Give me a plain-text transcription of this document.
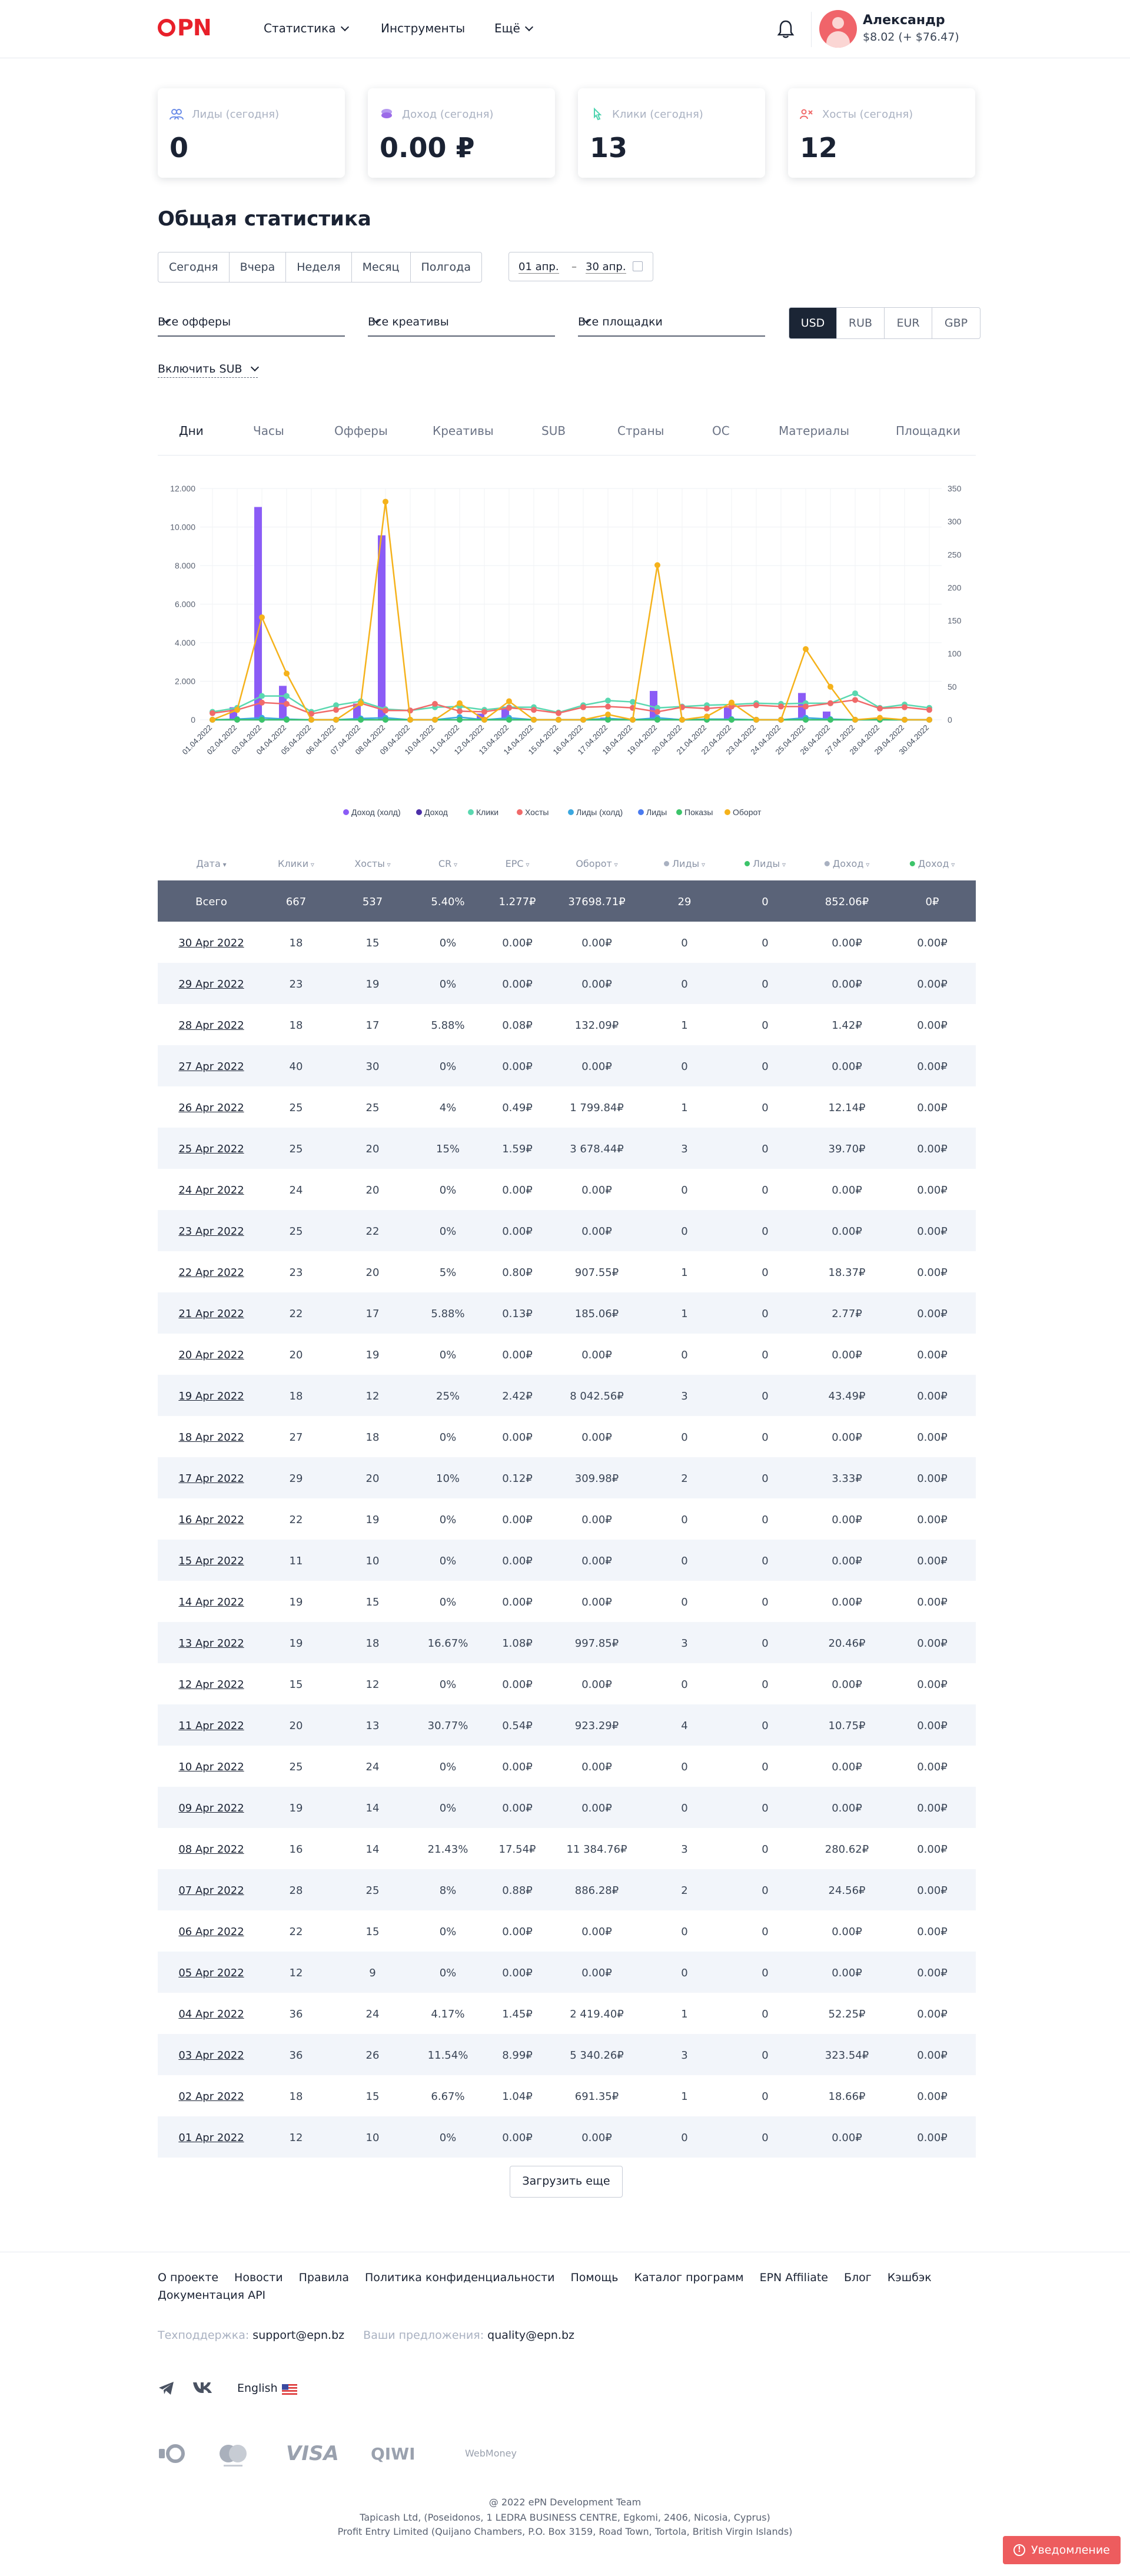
PN	Статистика	Инструменты Ещё
Александр
$8.02 (+ $76.47)
Лиды (сегодня)
0
Доход (сегодня)
0.00 ₽
Клики (сегодня)
13
Хосты (сегодня)
12
Общая статистика
Сегодня	Вчера	Неделя	Месяц	Полгода	01 апр. – 30 апр.
Все офферы	Все креативы	Все площадки	USD	RUB	EUR	GBP
Включить SUB
Дни	Часы	Офферы	Креативы	SUB	Страны	ОС	Материалы	Площадки
0
2.000
4.000
6.000
8.000
10.000
12.000
0
50
100
150
200
250
300
350
01.04.2022
02.04.2022
03.04.2022
04.04.2022
05.04.2022
06.04.2022
07.04.2022
08.04.2022
09.04.2022
10.04.2022
11.04.2022
12.04.2022
13.04.2022
14.04.2022
15.04.2022
16.04.2022
17.04.2022
18.04.2022
19.04.2022
20.04.2022
21.04.2022
22.04.2022
23.04.2022
24.04.2022
25.04.2022
26.04.2022
27.04.2022
28.04.2022
29.04.2022
30.04.2022
Доход (холд)	Доход	Клики	Хосты	Лиды (холд)	Лиды Показы Оборот
Дата ▾	Клики ▿	Хосты ▿	CR ▿	EPC ▿	Оборот ▿	Лиды ▿	Лиды ▿	Доход ▿	Доход ▿
Всего	667	537	5.40%	1.277₽	37698.71₽	29	0	852.06₽	0₽
30 Apr 2022	18	15	0%	0.00₽	0.00₽	0	0	0.00₽	0.00₽
29 Apr 2022	23	19	0%	0.00₽	0.00₽	0	0	0.00₽	0.00₽
28 Apr 2022	18	17	5.88%	0.08₽	132.09₽	1	0	1.42₽	0.00₽
27 Apr 2022	40	30	0%	0.00₽	0.00₽	0	0	0.00₽	0.00₽
26 Apr 2022	25	25	4%	0.49₽	1 799.84₽	1	0	12.14₽	0.00₽
25 Apr 2022	25	20	15%	1.59₽	3 678.44₽	3	0	39.70₽	0.00₽
24 Apr 2022	24	20	0%	0.00₽	0.00₽	0	0	0.00₽	0.00₽
23 Apr 2022	25	22	0%	0.00₽	0.00₽	0	0	0.00₽	0.00₽
22 Apr 2022	23	20	5%	0.80₽	907.55₽	1	0	18.37₽	0.00₽
21 Apr 2022	22	17	5.88%	0.13₽	185.06₽	1	0	2.77₽	0.00₽
20 Apr 2022	20	19	0%	0.00₽	0.00₽	0	0	0.00₽	0.00₽
19 Apr 2022	18	12	25%	2.42₽	8 042.56₽	3	0	43.49₽	0.00₽
18 Apr 2022	27	18	0%	0.00₽	0.00₽	0	0	0.00₽	0.00₽
17 Apr 2022	29	20	10%	0.12₽	309.98₽	2	0	3.33₽	0.00₽
16 Apr 2022	22	19	0%	0.00₽	0.00₽	0	0	0.00₽	0.00₽
15 Apr 2022	11	10	0%	0.00₽	0.00₽	0	0	0.00₽	0.00₽
14 Apr 2022	19	15	0%	0.00₽	0.00₽	0	0	0.00₽	0.00₽
13 Apr 2022	19	18	16.67%	1.08₽	997.85₽	3	0	20.46₽	0.00₽
12 Apr 2022	15	12	0%	0.00₽	0.00₽	0	0	0.00₽	0.00₽
11 Apr 2022	20	13	30.77%	0.54₽	923.29₽	4	0	10.75₽	0.00₽
10 Apr 2022	25	24	0%	0.00₽	0.00₽	0	0	0.00₽	0.00₽
09 Apr 2022	19	14	0%	0.00₽	0.00₽	0	0	0.00₽	0.00₽
08 Apr 2022	16	14	21.43%	17.54₽	11 384.76₽	3	0	280.62₽	0.00₽
07 Apr 2022	28	25	8%	0.88₽	886.28₽	2	0	24.56₽	0.00₽
06 Apr 2022	22	15	0%	0.00₽	0.00₽	0	0	0.00₽	0.00₽
05 Apr 2022	12	9	0%	0.00₽	0.00₽	0	0	0.00₽	0.00₽
04 Apr 2022	36	24	4.17%	1.45₽	2 419.40₽	1	0	52.25₽	0.00₽
03 Apr 2022	36	26	11.54%	8.99₽	5 340.26₽	3	0	323.54₽	0.00₽
02 Apr 2022	18	15	6.67%	1.04₽	691.35₽	1	0	18.66₽	0.00₽
01 Apr 2022	12	10	0%	0.00₽	0.00₽	0	0	0.00₽	0.00₽
Загрузить еще
О проекте Новости Правила Политика конфиденциальности Помощь Каталог программ EPN Affiliate Блог Кэшбэк
Документация API
Техподдержка: support@epn.bz Ваши предложения: quality@epn.bz
English
VISA QIWI	WebMoney
@ 2022 ePN Development Team
Tapicash Ltd, (Poseidonos, 1 LEDRA BUSINESS CENTRE, Egkomi, 2406, Nicosia, Cyprus)
Profit Entry Limited (Quijano Chambers, P.O. Box 3159, Road Town, Tortola, British Virgin Islands)
! Уведомление
